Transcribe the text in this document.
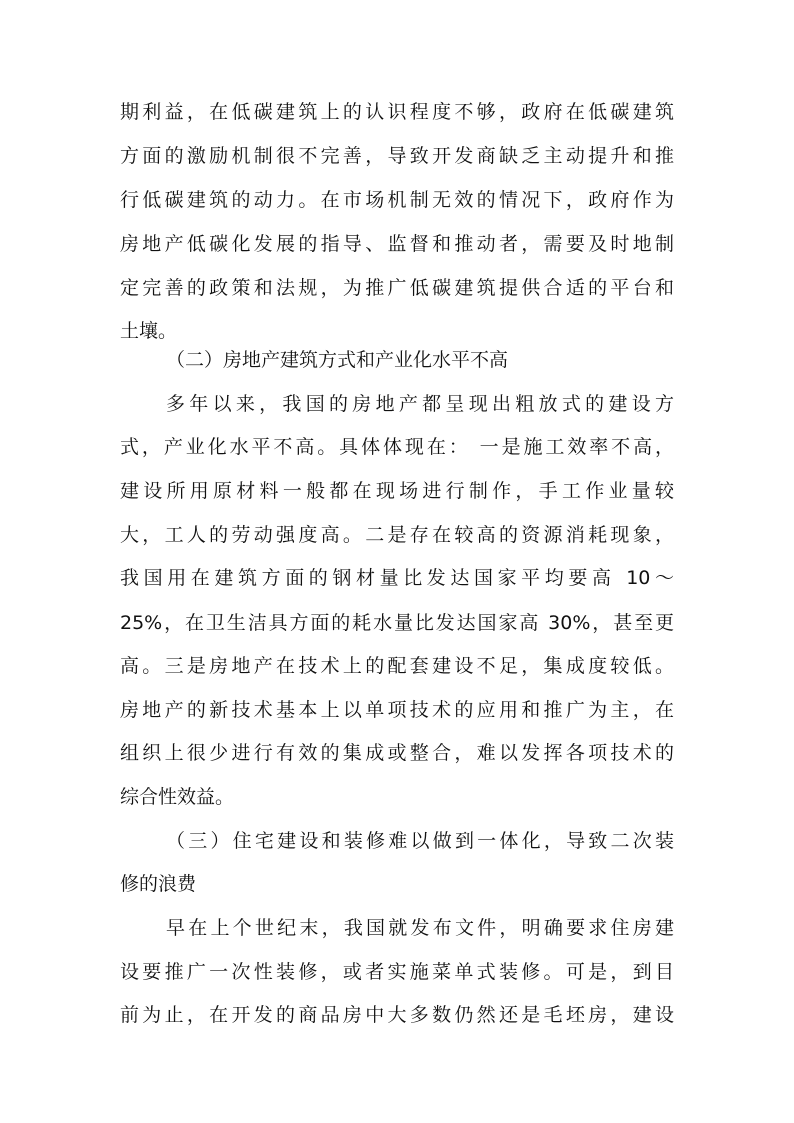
期利益，在低碳建筑上的认识程度不够，政府在低碳建筑
方面的激励机制很不完善，导致开发商缺乏主动提升和推
行低碳建筑的动力。在市场机制无效的情况下，政府作为
房地产低碳化发展的指导、监督和推动者，需要及时地制
定完善的政策和法规，为推广低碳建筑提供合适的平台和
土壤。
（二）房地产建筑方式和产业化水平不高
多年以来，我国的房地产都呈现出粗放式的建设方
式，产业化水平不高。具体体现在： 一是施工效率不高，
建设所用原材料一般都在现场进行制作，手工作业量较
大，工人的劳动强度高。二是存在较高的资源消耗现象，
我国用在建筑方面的钢材量比发达国家平均要高 10～
25%，在卫生洁具方面的耗水量比发达国家高 30%，甚至更
高。三是房地产在技术上的配套建设不足，集成度较低。
房地产的新技术基本上以单项技术的应用和推广为主，在
组织上很少进行有效的集成或整合，难以发挥各项技术的
综合性效益。
（三）住宅建设和装修难以做到一体化，导致二次装
修的浪费
早在上个世纪末，我国就发布文件，明确要求住房建
设要推广一次性装修，或者实施菜单式装修。可是，到目
前为止，在开发的商品房中大多数仍然还是毛坯房，建设
